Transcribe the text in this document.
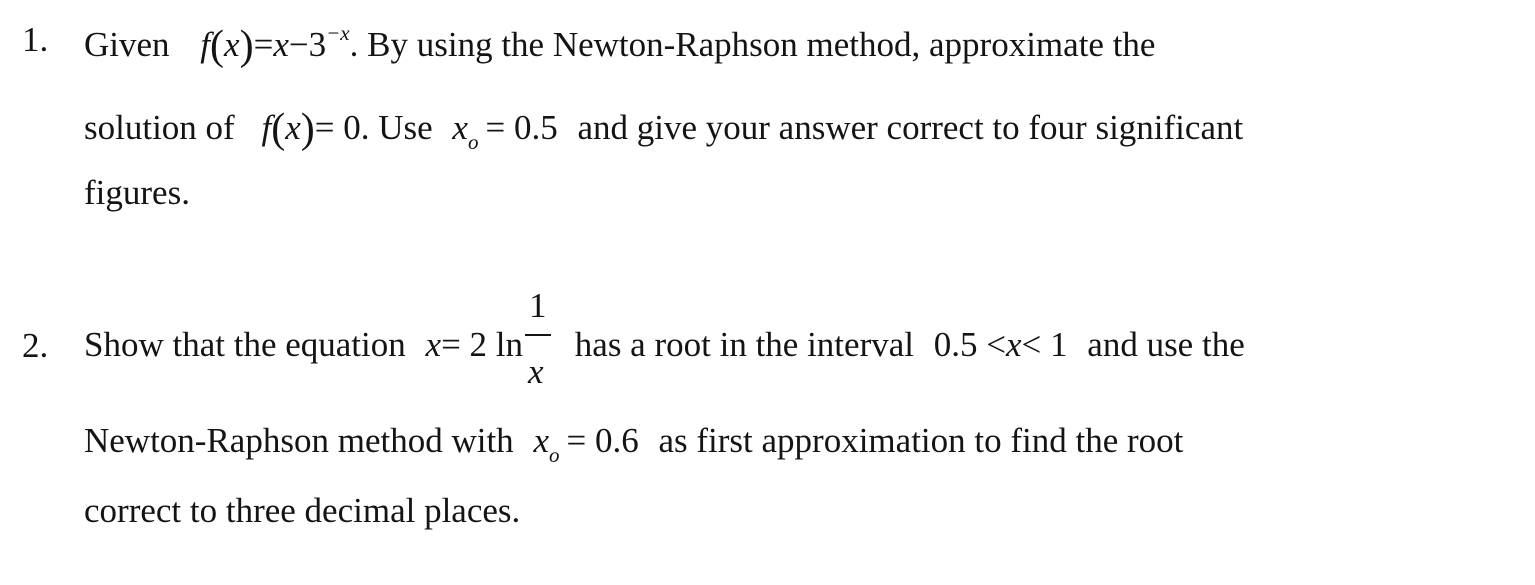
1. Given $f(x)=x-3^{-x}$. By using the Newton-Raphson method, approximate the
solution of f(x)= 0. Use $x_o = 0.5$ and give your answer correct to four significant
figures.
2. Show that the equation x= 2 $\ln \frac{1}{x}$ has a root in the interval 0.5 <x< 1 and use the
Newton-Raphson method with $x_o = 0.6$ as first approximation to find the root
correct to three decimal places.
